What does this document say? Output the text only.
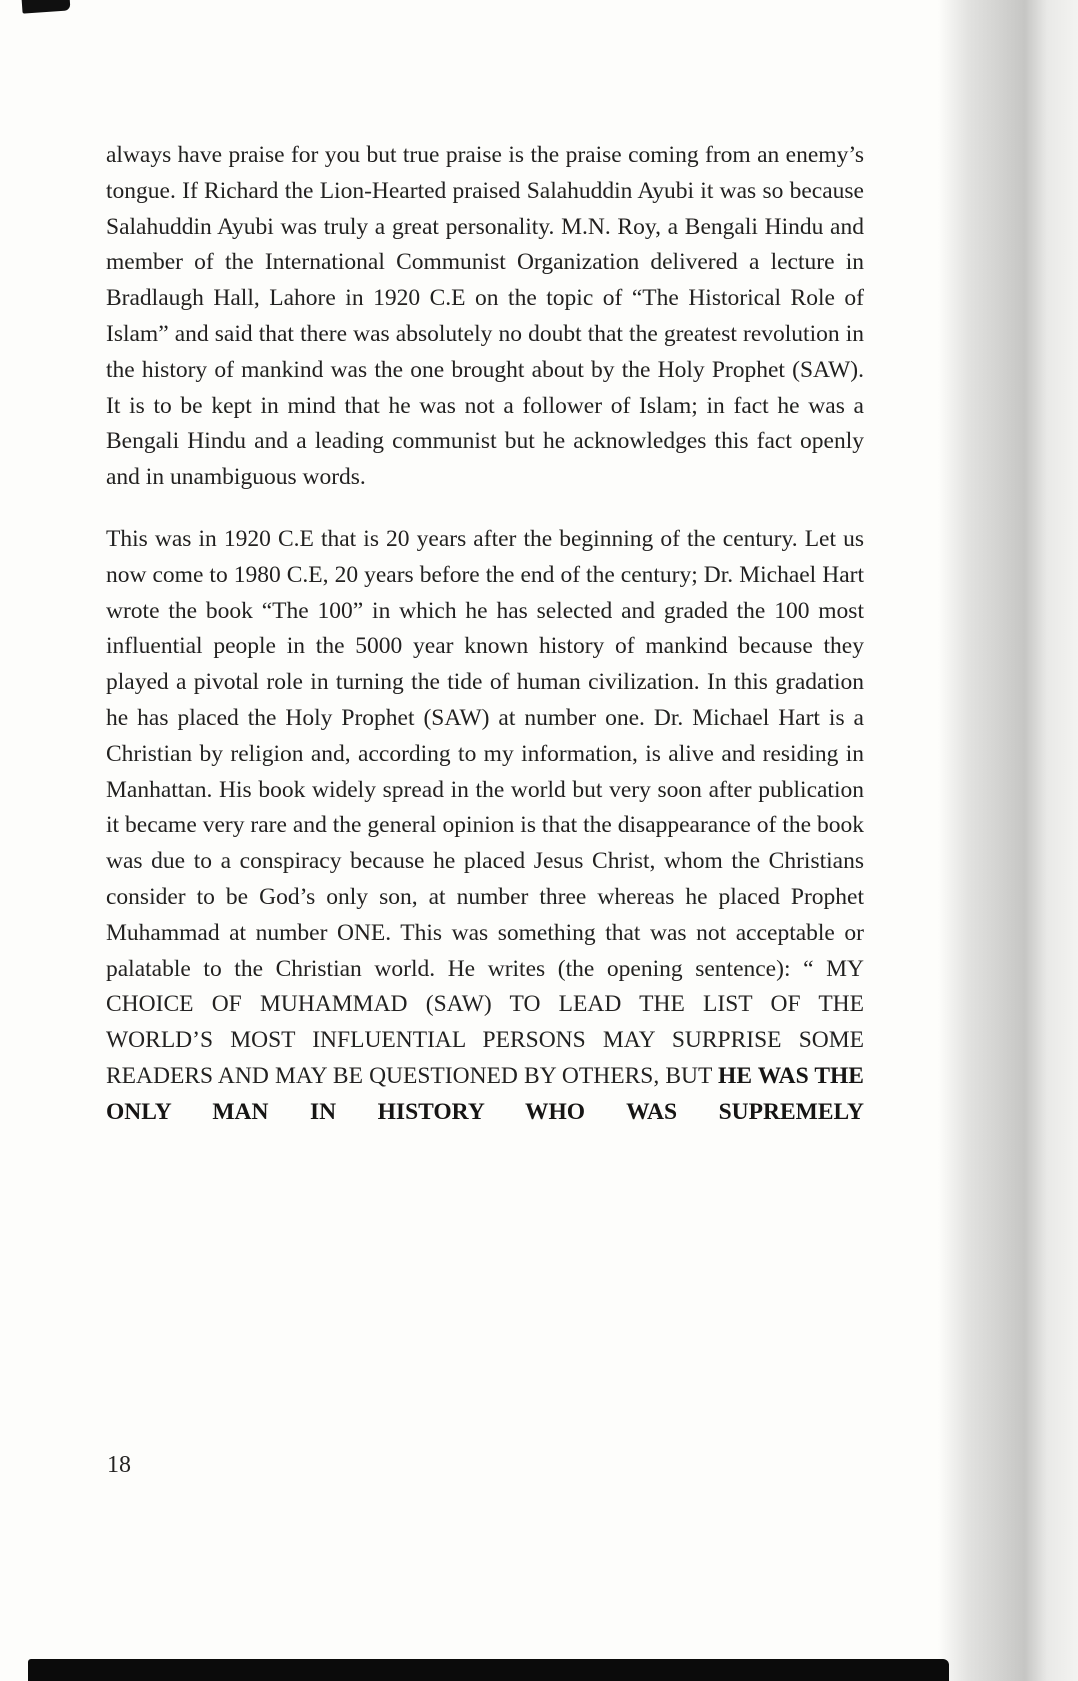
always have praise for you but true praise is the praise coming from an enemy’s tongue. If Richard the Lion-Hearted praised Salahuddin Ayubi it was so because Salahuddin Ayubi was truly a great personality. M.N. Roy, a Bengali Hindu and member of the International Communist Organization delivered a lecture in Bradlaugh Hall, Lahore in 1920 C.E on the topic of “The Historical Role of Islam” and said that there was absolutely no doubt that the greatest revolution in the history of mankind was the one brought about by the Holy Prophet (SAW). It is to be kept in mind that he was not a follower of Islam; in fact he was a Bengali Hindu and a leading communist but he acknowledges this fact openly and in unambiguous words.

This was in 1920 C.E that is 20 years after the beginning of the century. Let us now come to 1980 C.E, 20 years before the end of the century; Dr. Michael Hart wrote the book “The 100” in which he has selected and graded the 100 most influential people in the 5000 year known history of mankind because they played a pivotal role in turning the tide of human civilization. In this gradation he has placed the Holy Prophet (SAW) at number one. Dr. Michael Hart is a Christian by religion and, according to my information, is alive and residing in Manhattan. His book widely spread in the world but very soon after publication it became very rare and the general opinion is that the disappearance of the book was due to a conspiracy because he placed Jesus Christ, whom the Christians consider to be God’s only son, at number three whereas he placed Prophet Muhammad at number ONE. This was something that was not acceptable or palatable to the Christian world. He writes (the opening sentence): “ MY CHOICE OF MUHAMMAD (SAW) TO LEAD THE LIST OF THE WORLD’S MOST INFLUENTIAL PERSONS MAY SURPRISE SOME READERS AND MAY BE QUESTIONED BY OTHERS, BUT HE WAS THE ONLY MAN IN HISTORY WHO WAS SUPREMELY

18
